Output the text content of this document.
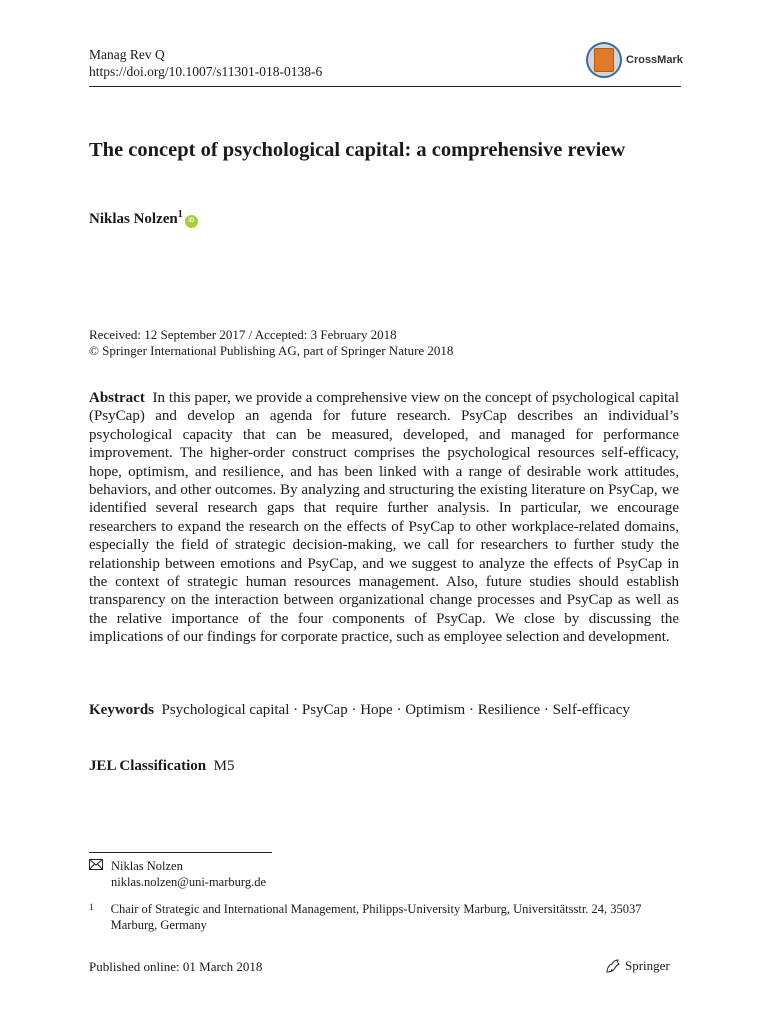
Manag Rev Q
https://doi.org/10.1007/s11301-018-0138-6
CrossMark
The concept of psychological capital: a comprehensive review
Niklas Nolzen$^1$
iD
Received: 12 September 2017 / Accepted: 3 February 2018
© Springer International Publishing AG, part of Springer Nature 2018
Abstract In this paper, we provide a comprehensive view on the concept of psychological capital (PsyCap) and develop an agenda for future research. PsyCap describes an individual’s psychological capacity that can be measured, developed, and managed for performance improvement. The higher-order construct comprises the psychological resources self-efficacy, hope, optimism, and resilience, and has been linked with a range of desirable work attitudes, behaviors, and other outcomes. By analyzing and structuring the existing literature on PsyCap, we identified several research gaps that require further analysis. In particular, we encourage researchers to expand the research on the effects of PsyCap to other workplace-related domains, especially the field of strategic decision-making, we call for researchers to further study the relationship between emotions and PsyCap, and we suggest to analyze the effects of PsyCap in the context of strategic human resources management. Also, future studies should establish transparency on the interaction between organizational change processes and PsyCap as well as the relative importance of the four components of PsyCap. We close by discussing the implications of our findings for corporate practice, such as employee selection and development.
Keywords Psychological capital · PsyCap · Hope · Optimism · Resilience · Self-efficacy
JEL Classification M5
Niklas Nolzen
niklas.nolzen@uni-marburg.de
1	Chair of Strategic and International Management, Philipps-University Marburg, Universitätsstr. 24, 35037 Marburg, Germany
Published online: 01 March 2018	Springer
